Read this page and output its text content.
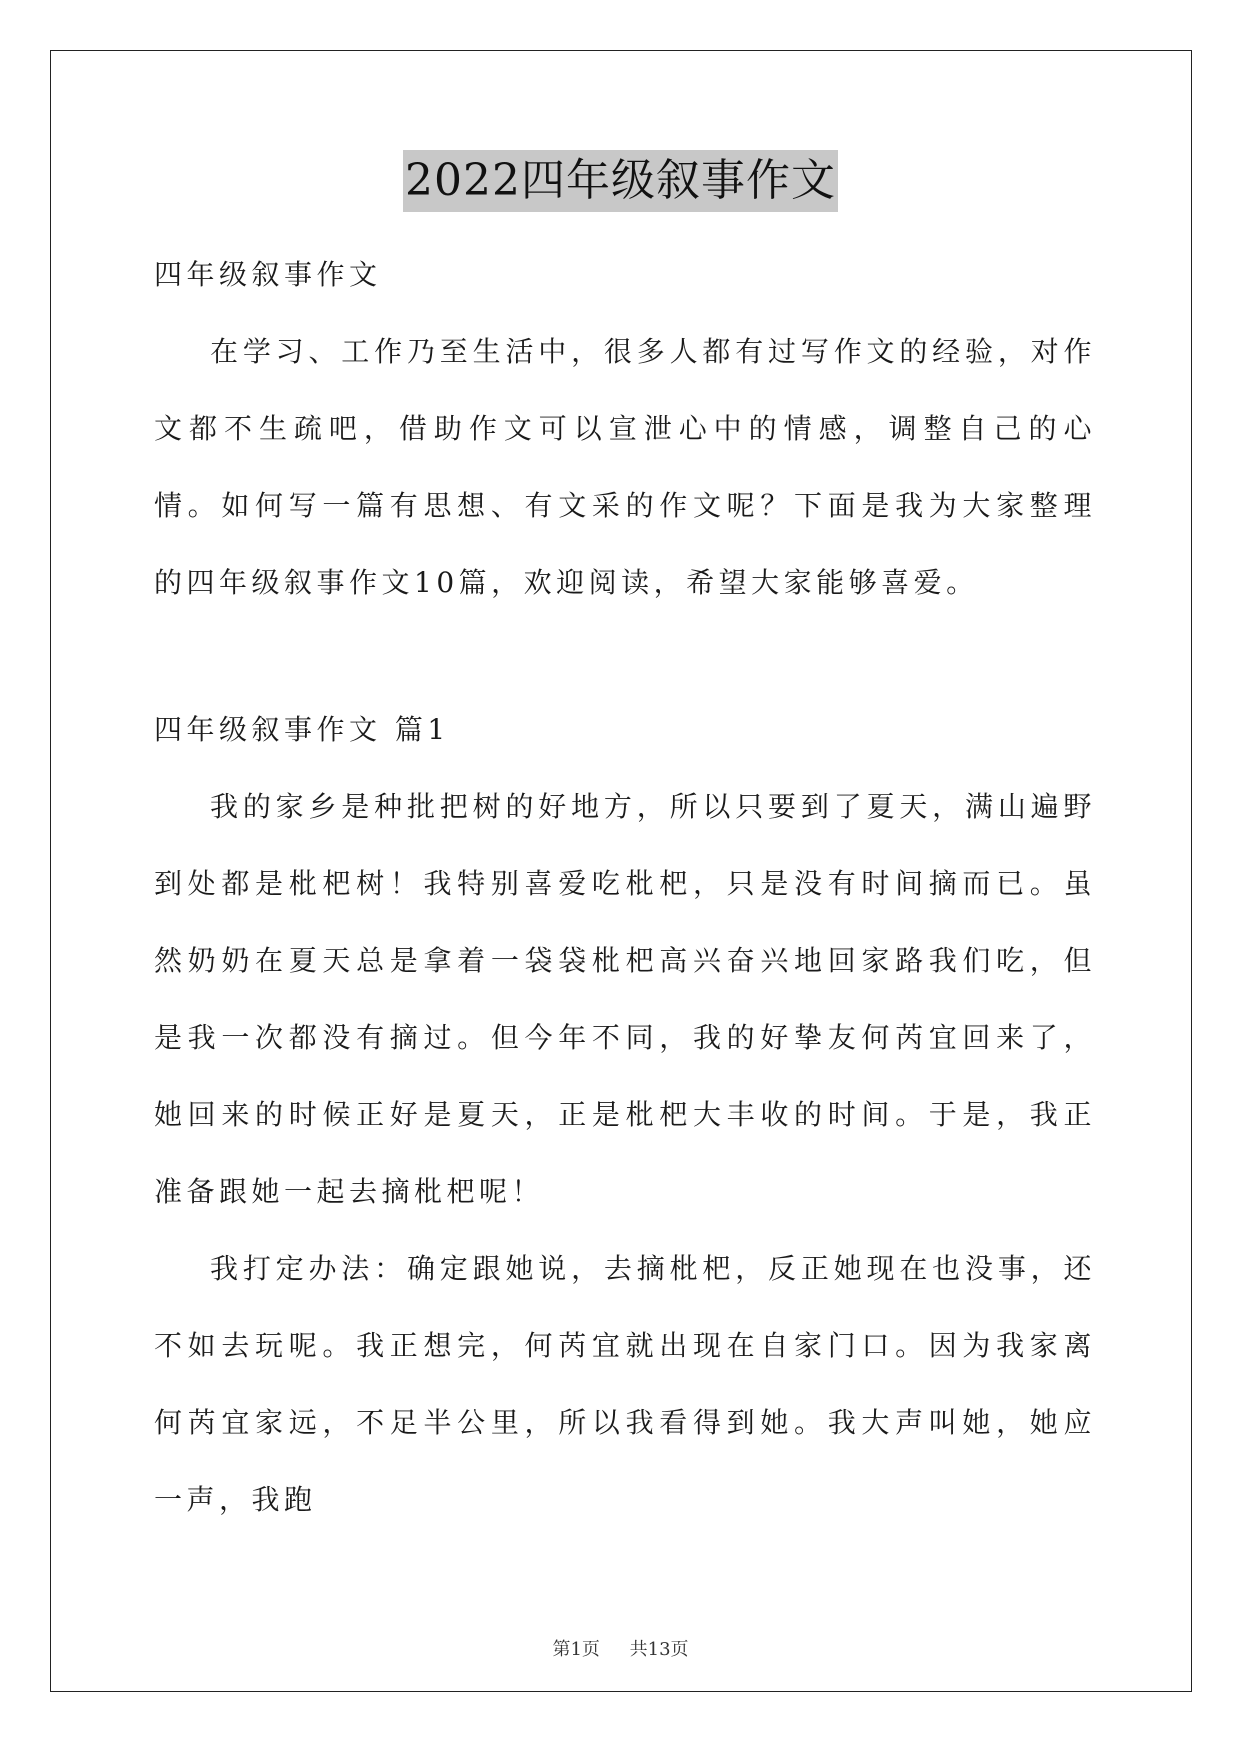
2022四年级叙事作文

四年级叙事作文

在学习、工作乃至生活中，很多人都有过写作文的经验，对作文都不生疏吧，借助作文可以宣泄心中的情感，调整自己的心情。如何写一篇有思想、有文采的作文呢？下面是我为大家整理的四年级叙事作文10篇，欢迎阅读，希望大家能够喜爱。

四年级叙事作文 篇1

我的家乡是种批把树的好地方，所以只要到了夏天，满山遍野到处都是枇杷树！我特别喜爱吃枇杷，只是没有时间摘而已。虽然奶奶在夏天总是拿着一袋袋枇杷高兴奋兴地回家路我们吃，但是我一次都没有摘过。但今年不同，我的好挚友何芮宜回来了，她回来的时候正好是夏天，正是枇杷大丰收的时间。于是，我正准备跟她一起去摘枇杷呢！

我打定办法：确定跟她说，去摘枇杷，反正她现在也没事，还不如去玩呢。我正想完，何芮宜就出现在自家门口。因为我家离何芮宜家远，不足半公里，所以我看得到她。我大声叫她，她应一声，我跑

第1页 共13页
